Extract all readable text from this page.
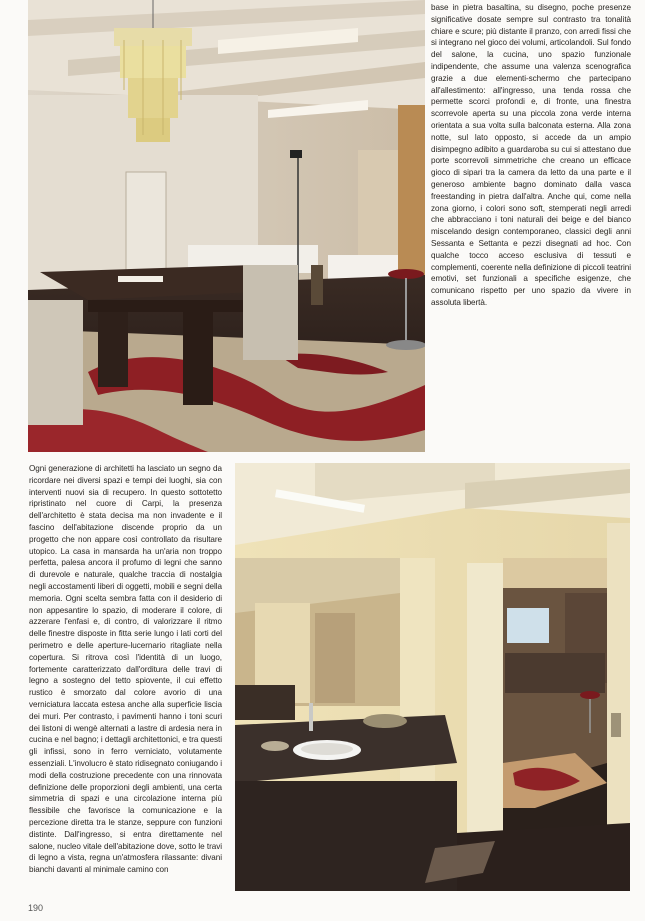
base in pietra basaltina, su disegno, poche presenze significative dosate sempre sul contrasto tra tonalità chiare e scure; più distante il pranzo, con arredi fissi che si integrano nel gioco dei volumi, articolandoli. Sul fondo del salone, la cucina, uno spazio funzionale indipendente, che assume una valenza scenografica grazie a due elementi-schermo che partecipano all'allestimento: all'ingresso, una tenda rossa che permette scorci profondi e, di fronte, una finestra scorrevole aperta su una piccola zona verde interna orientata a sua volta sulla balconata esterna. Alla zona notte, sul lato opposto, si accede da un ampio disimpegno adibito a guardaroba su cui si attestano due porte scorrevoli simmetriche che creano un efficace gioco di sipari tra la camera da letto da una parte e il generoso ambiente bagno dominato dalla vasca freestanding in pietra dall'altra. Anche qui, come nella zona giorno, i colori sono soft, stemperati negli arredi che abbracciano i toni naturali dei beige e del bianco miscelando design contemporaneo, classici degli anni Sessanta e Settanta e pezzi disegnati ad hoc. Con qualche tocco acceso esclusiva di tessuti e complementi, coerente nella definizione di piccoli teatrini emotivi, set funzionali a specifiche esigenze, che comunicano rispetto per uno spazio da vivere in assoluta libertà.

Ogni generazione di architetti ha lasciato un segno da ricordare nei diversi spazi e tempi dei luoghi, sia con interventi nuovi sia di recupero. In questo sottotetto ripristinato nel cuore di Carpi, la presenza dell'architetto è stata decisa ma non invadente e il fascino dell'abitazione discende proprio da un progetto che non appare così controllato da risultare utopico. La casa in mansarda ha un'aria non troppo perfetta, palesa ancora il profumo di legni che sanno di durevole e naturale, qualche traccia di nostalgia negli accostamenti liberi di oggetti, mobili e segni della memoria. Ogni scelta sembra fatta con il desiderio di non appesantire lo spazio, di moderare il colore, di azzerare l'enfasi e, di contro, di valorizzare il ritmo delle finestre disposte in fitta serie lungo i lati corti del perimetro e delle aperture-lucernario ritagliate nella copertura. Si ritrova così l'identità di un luogo, fortemente caratterizzato dall'orditura delle travi di legno a sostegno del tetto spiovente, il cui effetto rustico è smorzato dal colore avorio di una verniciatura laccata estesa anche alla superficie liscia dei muri. Per contrasto, i pavimenti hanno i toni scuri dei listoni di wengè alternati a lastre di ardesia nera in cucina e nel bagno; i dettagli architettonici, e tra questi gli infissi, sono in ferro verniciato, volutamente essenziali. L'involucro è stato ridisegnato coniugando i modi della costruzione precedente con una rinnovata definizione delle proporzioni degli ambienti, una certa simmetria di spazi e una circolazione interna più flessibile che favorisce la comunicazione e la percezione diretta tra le stanze, seppure con funzioni distinte. Dall'ingresso, si entra direttamente nel salone, nucleo vitale dell'abitazione dove, sotto le travi di legno a vista, regna un'atmosfera rilassante: divani bianchi davanti al minimale camino con

190
